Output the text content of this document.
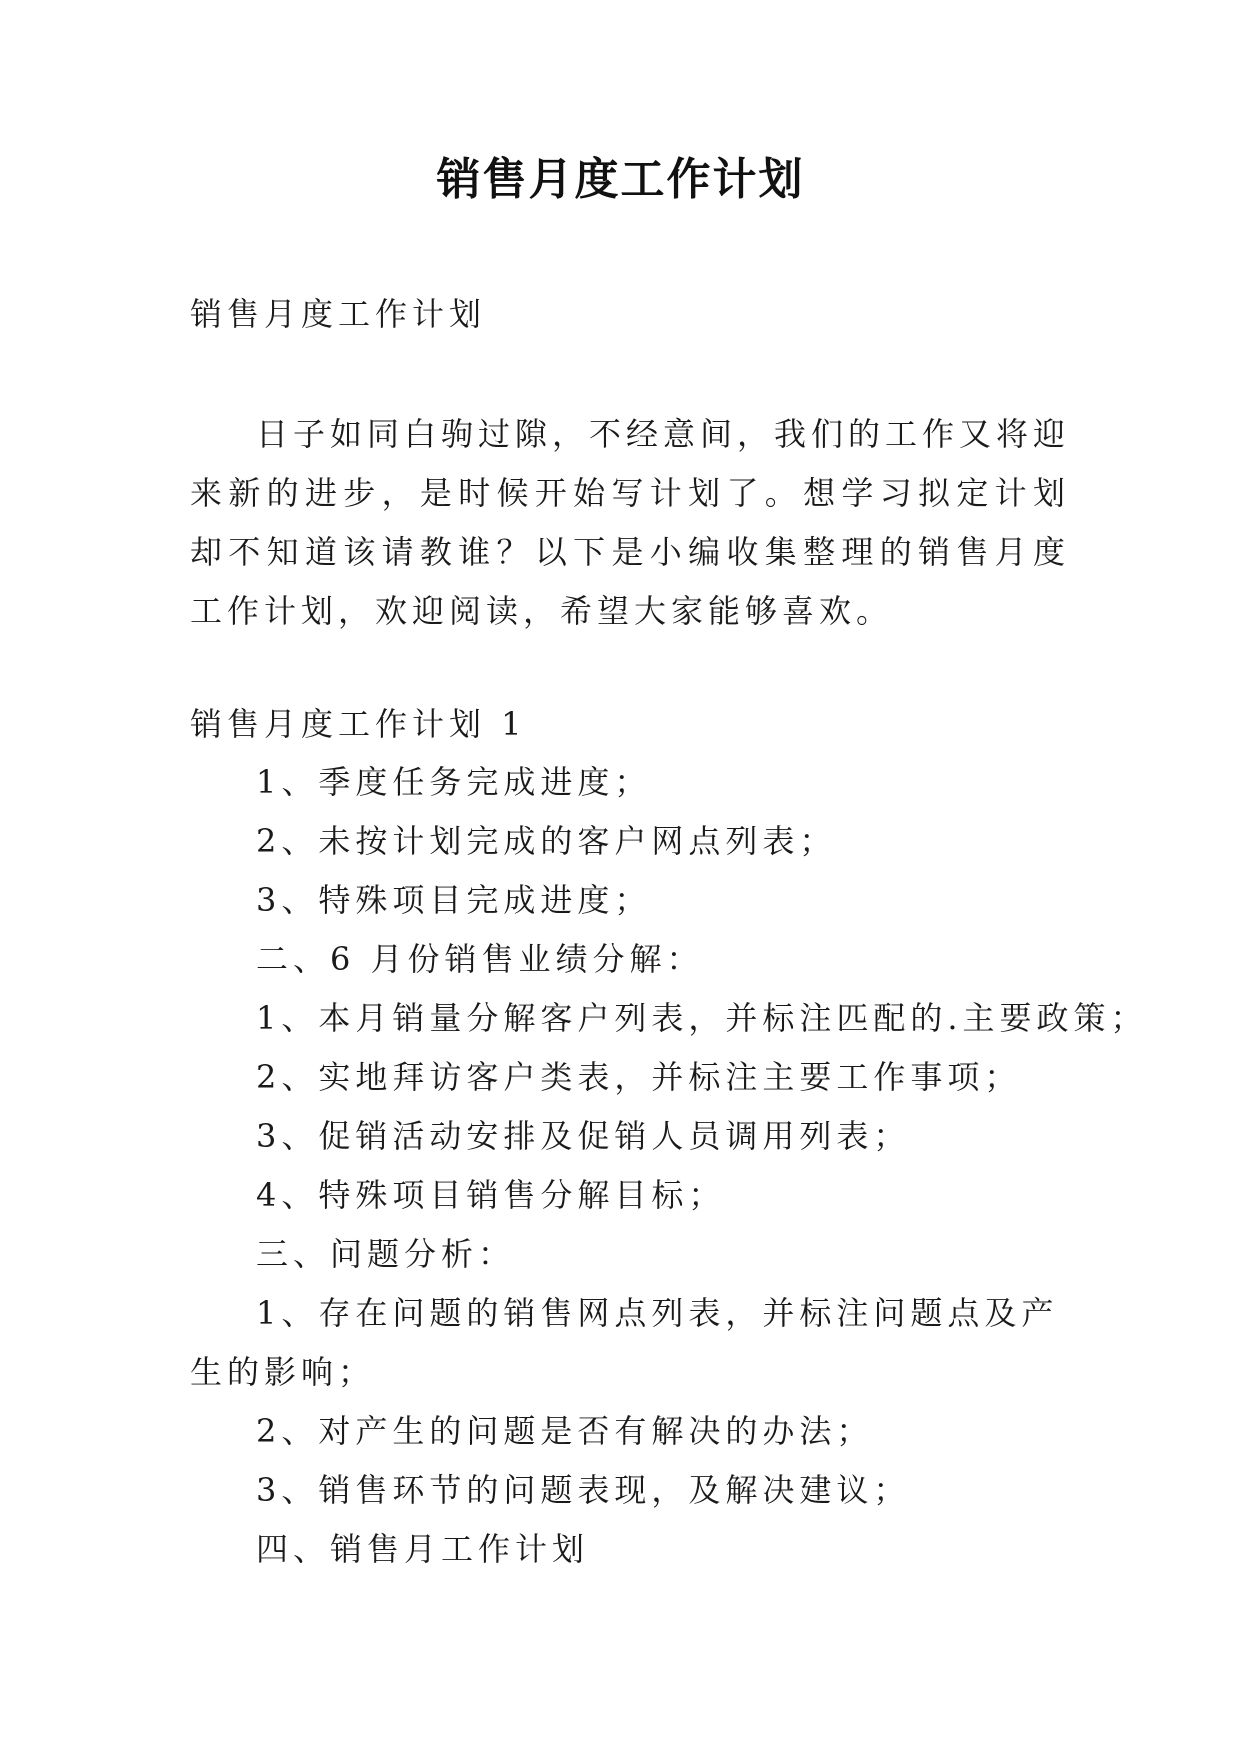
销售月度工作计划

销售月度工作计划

日子如同白驹过隙，不经意间，我们的工作又将迎来新的进步，是时候开始写计划了。想学习拟定计划却不知道该请教谁？以下是小编收集整理的销售月度工作计划，欢迎阅读，希望大家能够喜欢。

销售月度工作计划 1

1、季度任务完成进度；

2、未按计划完成的客户网点列表；

3、特殊项目完成进度；

二、6 月份销售业绩分解：

1、本月销量分解客户列表，并标注匹配的.主要政策；

2、实地拜访客户类表，并标注主要工作事项；

3、促销活动安排及促销人员调用列表；

4、特殊项目销售分解目标；

三、问题分析：

1、存在问题的销售网点列表，并标注问题点及产生的影响；

2、对产生的问题是否有解决的办法；

3、销售环节的问题表现，及解决建议；

四、销售月工作计划
